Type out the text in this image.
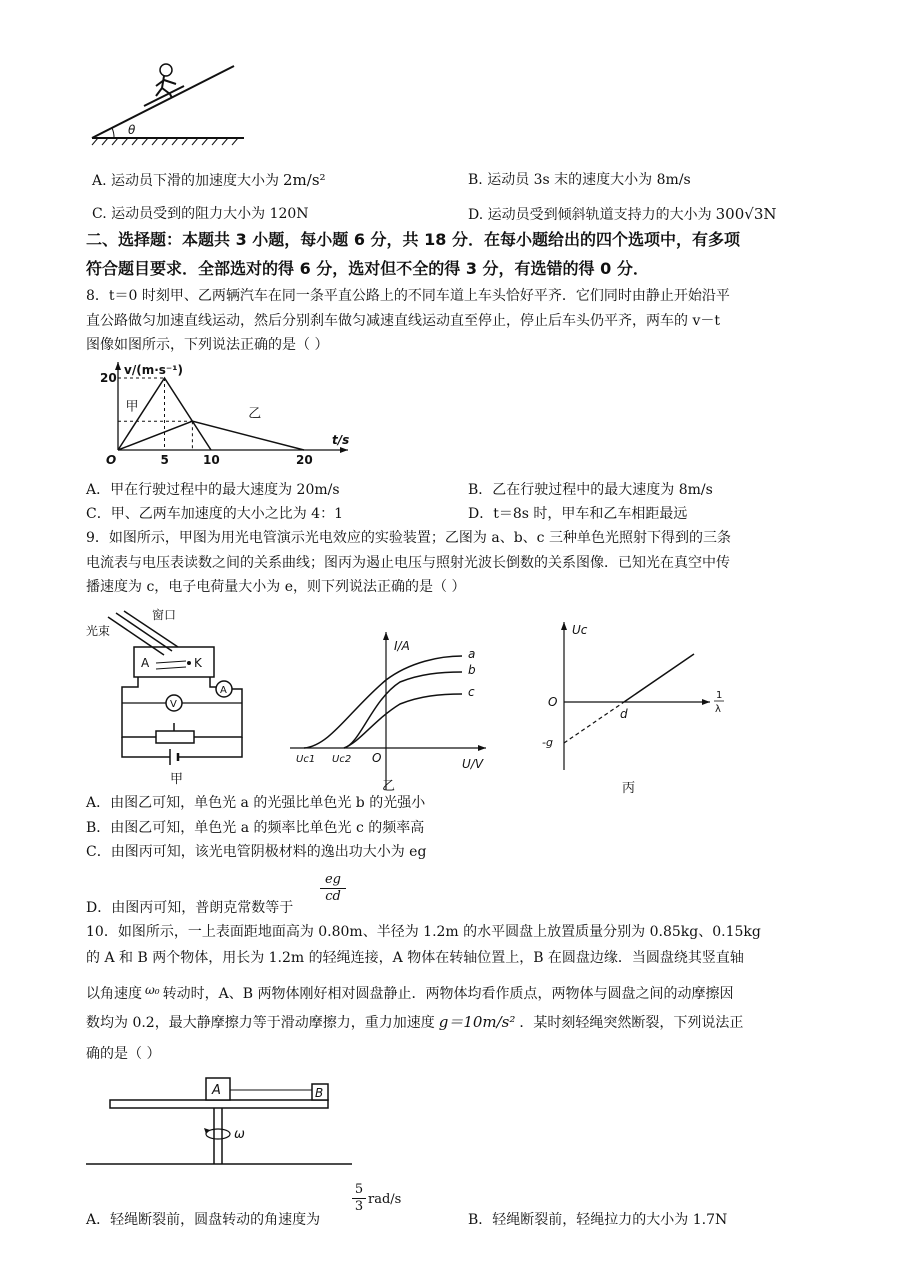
θ
A. 运动员下滑的加速度大小为 2m/s²	B. 运动员 3s 末的速度大小为 8m/s
C. 运动员受到的阻力大小为 120N	D. 运动员受到倾斜轨道支持力的大小为 300√3N
二、选择题：本题共 3 小题，每小题 6 分，共 18 分．在每小题给出的四个选项中，有多项
符合题目要求．全部选对的得 6 分，选对但不全的得 3 分，有选错的得 0 分．
8．t＝0 时刻甲、乙两辆汽车在同一条平直公路上的不同车道上车头恰好平齐．它们同时由静止开始沿平
直公路做匀加速直线运动，然后分别刹车做匀减速直线运动直至停止，停止后车头仍平齐，两车的 v－t
图像如图所示，下列说法正确的是（ ）
v/(m·s⁻¹)
t/s
O	5	10	20
20
甲	乙
A．甲在行驶过程中的最大速度为 20m/s	B．乙在行驶过程中的最大速度为 8m/s
C．甲、乙两车加速度的大小之比为 4：1	D．t＝8s 时，甲车和乙车相距最远
9．如图所示，甲图为用光电管演示光电效应的实验装置；乙图为 a、b、c 三种单色光照射下得到的三条
电流表与电压表读数之间的关系曲线；图丙为遏止电压与照射光波长倒数的关系图像．已知光在真空中传
播速度为 c，电子电荷量大小为 e，则下列说法正确的是（ ）
光束
窗口
A	K
A
V
甲
I/A
U/V
O
Uc1 Uc2
a
b
c
乙
Uc
O	1
λ
d
-g
丙
A．由图乙可知，单色光 a 的光强比单色光 b 的光强小
B．由图乙可知，单色光 a 的频率比单色光 c 的频率高
C．由图丙可知，该光电管阴极材料的逸出功大小为 eg
D．由图丙可知，普朗克常数等于
$\frac{eg}{cd}$
10．如图所示，一上表面距地面高为 0.80m、半径为 1.2m 的水平圆盘上放置质量分别为 0.85kg、0.15kg
的 A 和 B 两个物体，用长为 1.2m 的轻绳连接，A 物体在转轴位置上，B 在圆盘边缘．当圆盘绕其竖直轴
以角速度 ω₀ 转动时，A、B 两物体刚好相对圆盘静止．两物体均看作质点，两物体与圆盘之间的动摩擦因
数均为 0.2，最大静摩擦力等于滑动摩擦力，重力加速度 g＝10m/s² ．某时刻轻绳突然断裂，下列说法正
确的是（ ）
A	B
ω
A．轻绳断裂前，圆盘转动的角速度为
$\frac{5}{3} rad/s$
B．轻绳断裂前，轻绳拉力的大小为 1.7N
